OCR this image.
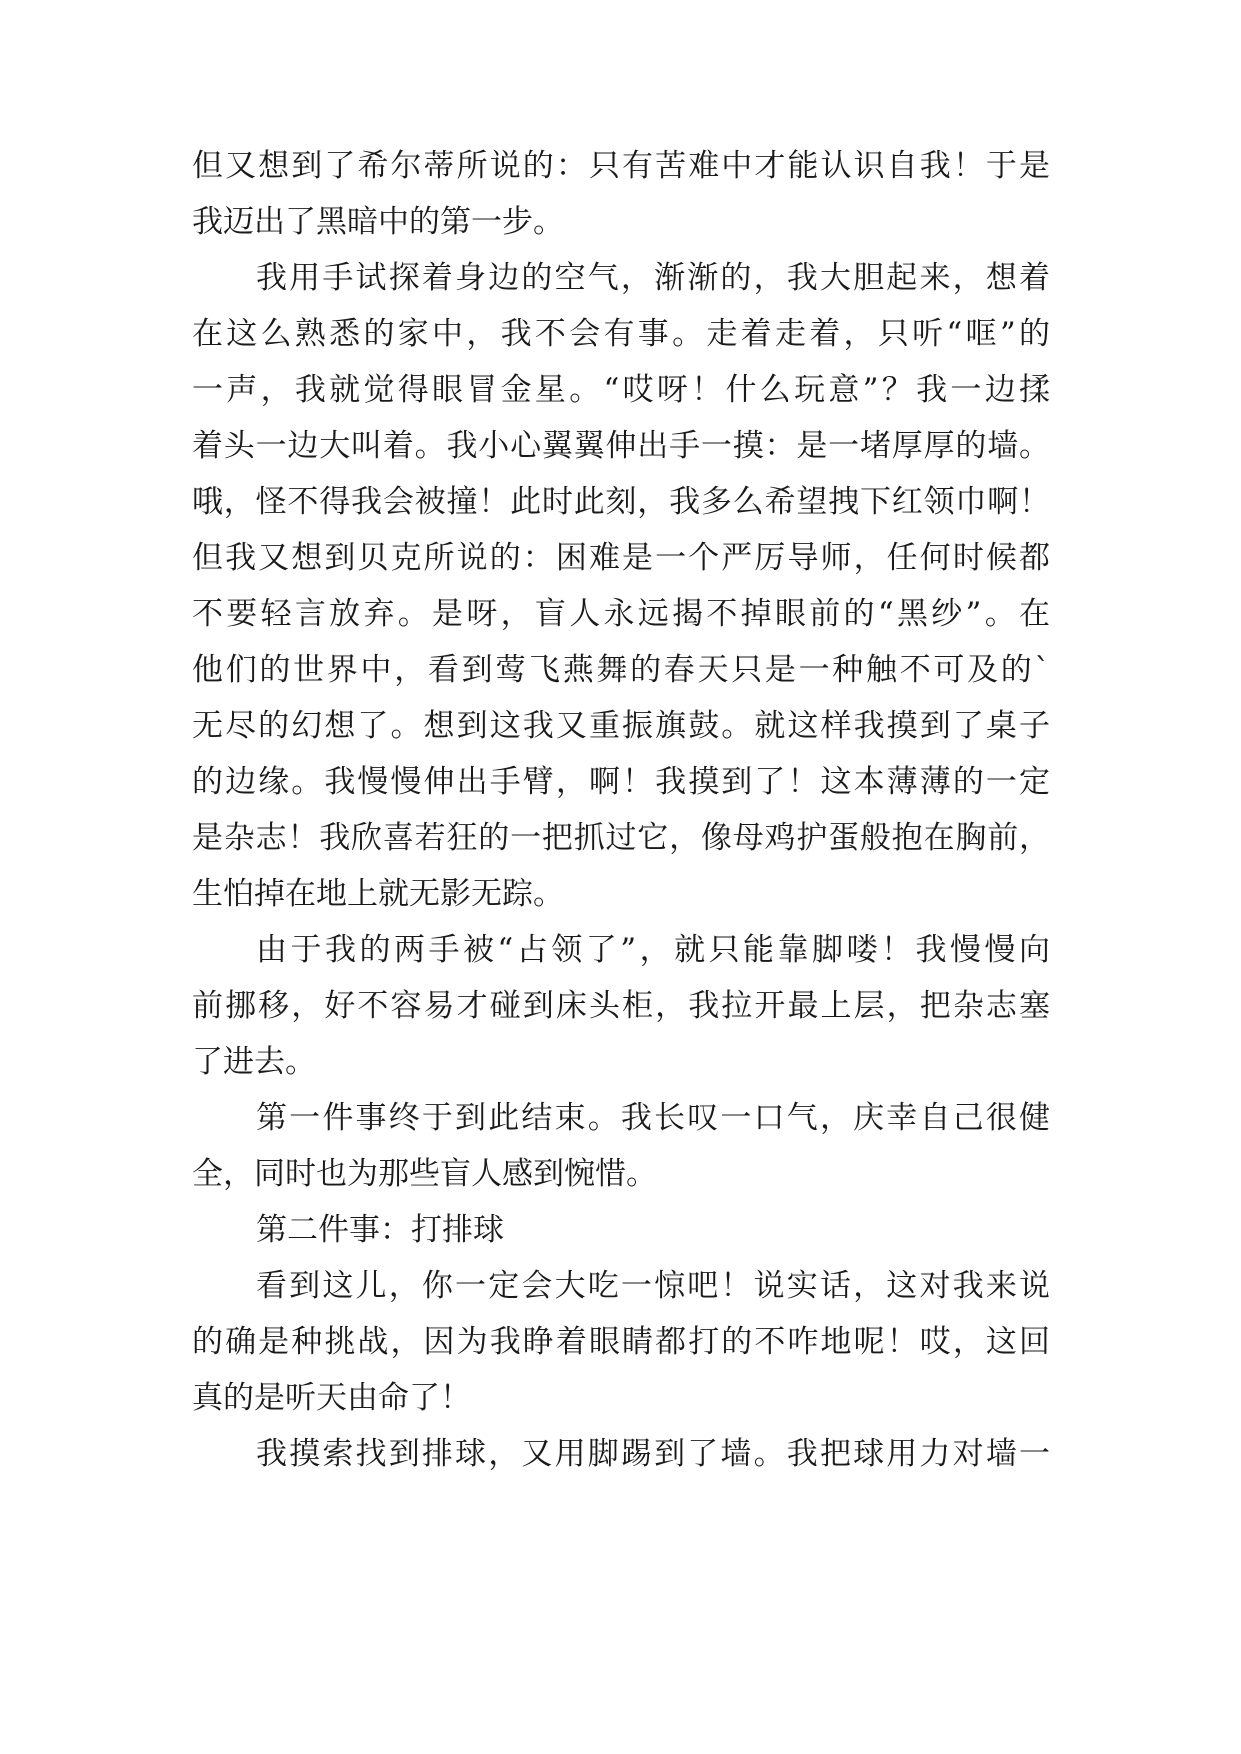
但又想到了希尔蒂所说的：只有苦难中才能认识自我！于是
我迈出了黑暗中的第一步。
我用手试探着身边的空气，渐渐的，我大胆起来，想着
在这么熟悉的家中，我不会有事。走着走着，只听“哐”的
一声，我就觉得眼冒金星。“哎呀！什么玩意”？我一边揉
着头一边大叫着。我小心翼翼伸出手一摸：是一堵厚厚的墙。
哦，怪不得我会被撞！此时此刻，我多么希望拽下红领巾啊！
但我又想到贝克所说的：困难是一个严厉导师，任何时候都
不要轻言放弃。是呀，盲人永远揭不掉眼前的“黑纱”。在
他们的世界中，看到莺飞燕舞的春天只是一种触不可及的`
无尽的幻想了。想到这我又重振旗鼓。就这样我摸到了桌子
的边缘。我慢慢伸出手臂，啊！我摸到了！这本薄薄的一定
是杂志！我欣喜若狂的一把抓过它，像母鸡护蛋般抱在胸前，
生怕掉在地上就无影无踪。
由于我的两手被“占领了”，就只能靠脚喽！我慢慢向
前挪移，好不容易才碰到床头柜，我拉开最上层，把杂志塞
了进去。
第一件事终于到此结束。我长叹一口气，庆幸自己很健
全，同时也为那些盲人感到惋惜。
第二件事：打排球
看到这儿，你一定会大吃一惊吧！说实话，这对我来说
的确是种挑战，因为我睁着眼睛都打的不咋地呢！哎，这回
真的是听天由命了！
我摸索找到排球，又用脚踢到了墙。我把球用力对墙一
